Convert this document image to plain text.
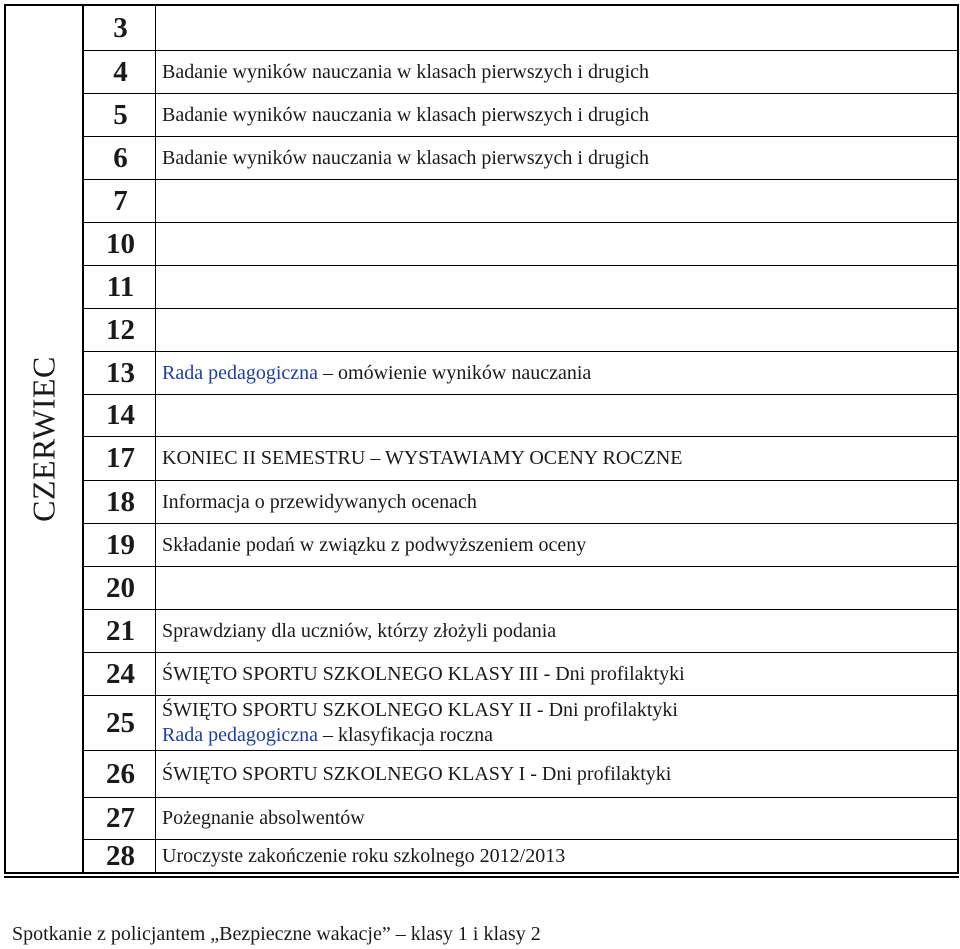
CZERWIEC
3
4	Badanie wyników nauczania w klasach pierwszych i drugich
5	Badanie wyników nauczania w klasach pierwszych i drugich
6	Badanie wyników nauczania w klasach pierwszych i drugich
7
10
11
12
13	Rada pedagogiczna – omówienie wyników nauczania
14
17	KONIEC II SEMESTRU – WYSTAWIAMY OCENY ROCZNE
18	Informacja o przewidywanych ocenach
19	Składanie podań w związku z podwyższeniem oceny
20
21	Sprawdziany dla uczniów, którzy złożyli podania
24	ŚWIĘTO SPORTU SZKOLNEGO KLASY III - Dni profilaktyki
25	ŚWIĘTO SPORTU SZKOLNEGO KLASY II - Dni profilaktyki
Rada pedagogiczna – klasyfikacja roczna
26	ŚWIĘTO SPORTU SZKOLNEGO KLASY I - Dni profilaktyki
27	Pożegnanie absolwentów
28	Uroczyste zakończenie roku szkolnego 2012/2013
Spotkanie z policjantem „Bezpieczne wakacje” – klasy 1 i klasy 2
